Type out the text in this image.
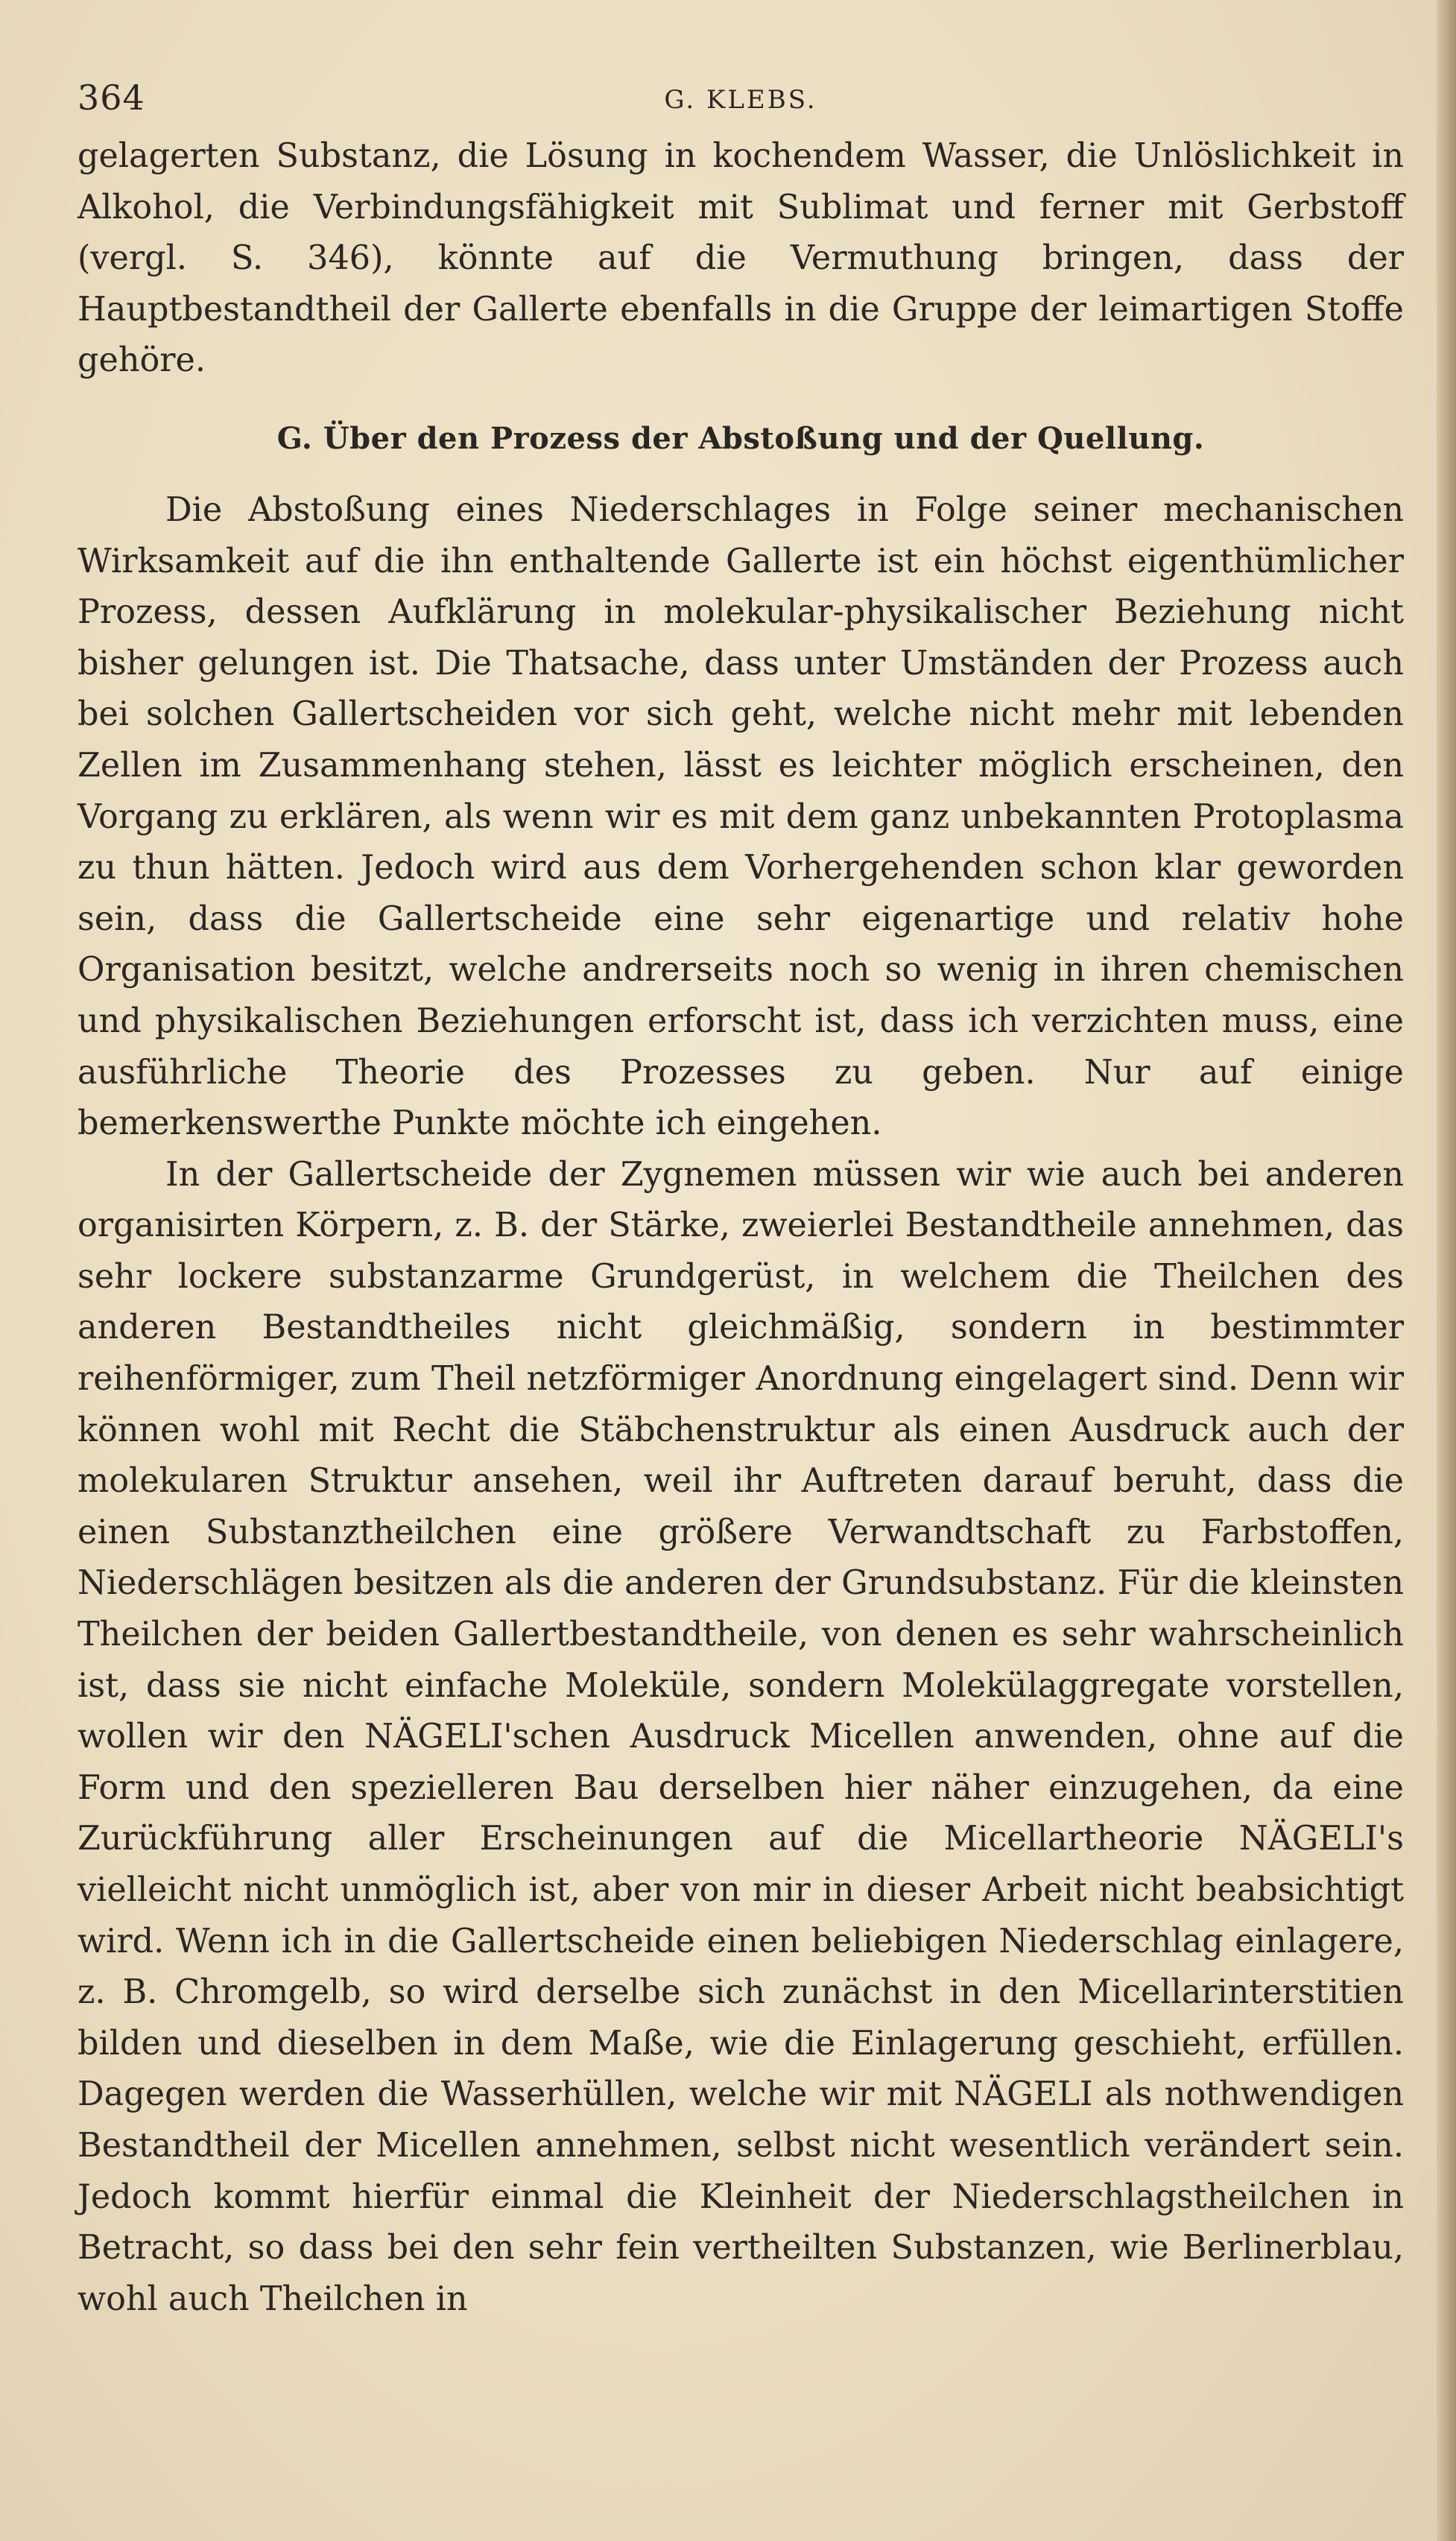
364	G. KLEBS.

gelagerten Substanz, die Lösung in kochendem Wasser, die Unlöslichkeit in Alkohol, die Verbindungsfähigkeit mit Sublimat und ferner mit Gerbstoff (vergl. S. 346), könnte auf die Vermuthung bringen, dass der Hauptbestandtheil der Gallerte ebenfalls in die Gruppe der leimartigen Stoffe gehöre.

G. Über den Prozess der Abstoßung und der Quellung.

Die Abstoßung eines Niederschlages in Folge seiner mechanischen Wirksamkeit auf die ihn enthaltende Gallerte ist ein höchst eigenthümlicher Prozess, dessen Aufklärung in molekular-physikalischer Beziehung nicht bisher gelungen ist. Die Thatsache, dass unter Umständen der Prozess auch bei solchen Gallertscheiden vor sich geht, welche nicht mehr mit lebenden Zellen im Zusammenhang stehen, lässt es leichter möglich erscheinen, den Vorgang zu erklären, als wenn wir es mit dem ganz unbekannten Protoplasma zu thun hätten. Jedoch wird aus dem Vorhergehenden schon klar geworden sein, dass die Gallertscheide eine sehr eigenartige und relativ hohe Organisation besitzt, welche andrerseits noch so wenig in ihren chemischen und physikalischen Beziehungen erforscht ist, dass ich verzichten muss, eine ausführliche Theorie des Prozesses zu geben. Nur auf einige bemerkenswerthe Punkte möchte ich eingehen.

In der Gallertscheide der Zygnemen müssen wir wie auch bei anderen organisirten Körpern, z. B. der Stärke, zweierlei Bestandtheile annehmen, das sehr lockere substanzarme Grundgerüst, in welchem die Theilchen des anderen Bestandtheiles nicht gleichmäßig, sondern in bestimmter reihenförmiger, zum Theil netzförmiger Anordnung eingelagert sind. Denn wir können wohl mit Recht die Stäbchenstruktur als einen Ausdruck auch der molekularen Struktur ansehen, weil ihr Auftreten darauf beruht, dass die einen Substanztheilchen eine größere Verwandtschaft zu Farbstoffen, Niederschlägen besitzen als die anderen der Grundsubstanz. Für die kleinsten Theilchen der beiden Gallertbestandtheile, von denen es sehr wahrscheinlich ist, dass sie nicht einfache Moleküle, sondern Molekülaggregate vorstellen, wollen wir den NÄGELI'schen Ausdruck Micellen anwenden, ohne auf die Form und den spezielleren Bau derselben hier näher einzugehen, da eine Zurückführung aller Erscheinungen auf die Micellartheorie NÄGELI's vielleicht nicht unmöglich ist, aber von mir in dieser Arbeit nicht beabsichtigt wird. Wenn ich in die Gallertscheide einen beliebigen Niederschlag einlagere, z. B. Chromgelb, so wird derselbe sich zunächst in den Micellarinterstitien bilden und dieselben in dem Maße, wie die Einlagerung geschieht, erfüllen. Dagegen werden die Wasserhüllen, welche wir mit NÄGELI als nothwendigen Bestandtheil der Micellen annehmen, selbst nicht wesentlich verändert sein. Jedoch kommt hierfür einmal die Kleinheit der Niederschlagstheilchen in Betracht, so dass bei den sehr fein vertheilten Substanzen, wie Berlinerblau, wohl auch Theilchen in
